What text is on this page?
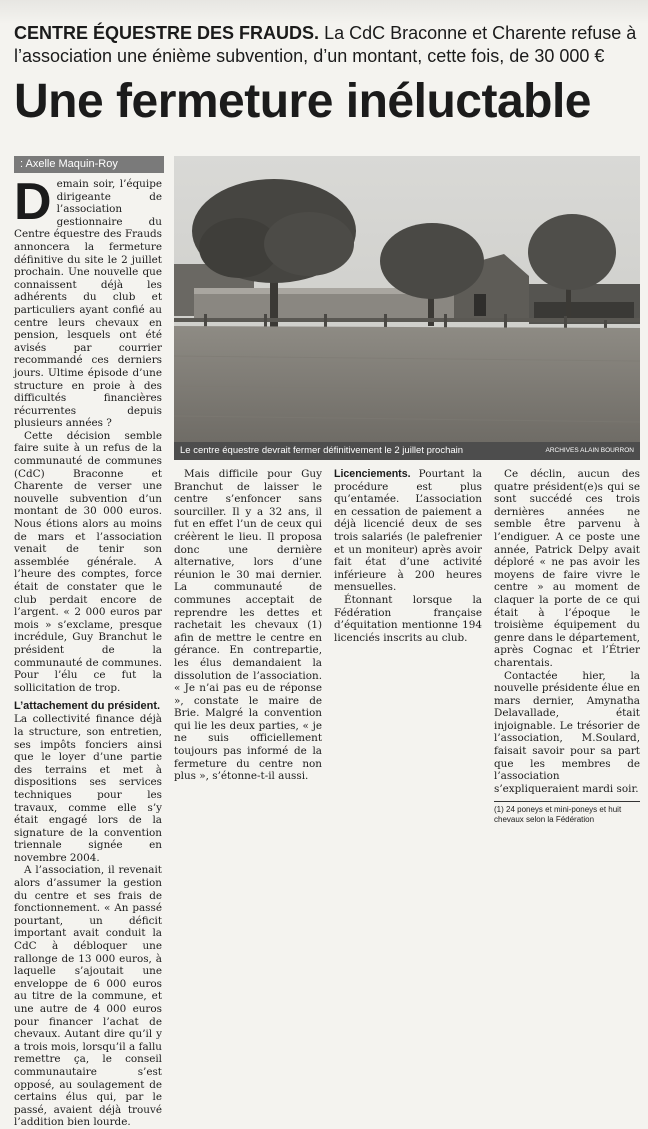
CENTRE ÉQUESTRE DES FRAUDS. La CdC Braconne et Charente refuse à l’association une énième subvention, d’un montant, cette fois, de 30 000 €
Une fermeture inéluctable
: Axelle Maquin-Roy
Le centre équestre devrait fermer définitivement le 2 juillet prochain	ARCHIVES ALAIN BOURRON

Demain soir, l’équipe dirigeante de l’association gestionnaire du Centre équestre des Frauds annoncera la fermeture définitive du site le 2 juillet prochain. Une nouvelle que connaissent déjà les adhérents du club et particuliers ayant confié au centre leurs chevaux en pension, lesquels ont été avisés par courrier recommandé ces derniers jours. Ultime épisode d’une structure en proie à des difficultés financières récurrentes depuis plusieurs années ?

Cette décision semble faire suite à un refus de la communauté de communes (CdC) Braconne et Charente de verser une nouvelle subvention d’un montant de 30 000 euros. Nous étions alors au moins de mars et l’association venait de tenir son assemblée générale. A l’heure des comptes, force était de constater que le club perdait encore de l’argent. « 2 000 euros par mois » s’exclame, presque incrédule, Guy Branchut le président de la communauté de communes. Pour l’élu ce fut la sollicitation de trop.

L’attachement du président.

La collectivité finance déjà la structure, son entretien, ses impôts fonciers ainsi que le loyer d’une partie des terrains et met à dispositions ses services techniques pour les travaux, comme elle s’y était engagé lors de la signature de la convention triennale signée en novembre 2004.

A l’association, il revenait alors d’assumer la gestion du centre et ses frais de fonctionnement. « An passé pourtant, un déficit important avait conduit la CdC à débloquer une rallonge de 13 000 euros, à laquelle s’ajoutait une enveloppe de 6 000 euros au titre de la commune, et une autre de 4 000 euros pour financer l’achat de chevaux. Autant dire qu’il y a trois mois, lorsqu’il a fallu remettre ça, le conseil communautaire s’est opposé, au soulagement de certains élus qui, par le passé, avaient déjà trouvé l’addition bien lourde.

Mais difficile pour Guy Branchut de laisser le centre s’enfoncer sans sourciller. Il y a 32 ans, il fut en effet l’un de ceux qui créèrent le lieu. Il proposa donc une dernière alternative, lors d’une réunion le 30 mai dernier. La communauté de communes acceptait de reprendre les dettes et rachetait les chevaux (1) afin de mettre le centre en gérance. En contrepartie, les élus demandaient la dissolution de l’association. « Je n’ai pas eu de réponse », constate le maire de Brie. Malgré la convention qui lie les deux parties, « je ne suis officiellement toujours pas informé de la fermeture du centre non plus », s’étonne-t-il aussi.

Licenciements. Pourtant la procédure est plus qu’entamée. L’association en cessation de paiement a déjà licencié deux de ses trois salariés (le palefrenier et un moniteur) après avoir fait état d’une activité inférieure à 200 heures mensuelles.

Étonnant lorsque la Fédération française d’équitation mentionne 194 licenciés inscrits au club.

Ce déclin, aucun des quatre président(e)s qui se sont succédé ces trois dernières années ne semble être parvenu à l’endiguer. A ce poste une année, Patrick Delpy avait déploré « ne pas avoir les moyens de faire vivre le centre » au moment de claquer la porte de ce qui était à l’époque le troisième équipement du genre dans le département, après Cognac et l’Étrier charentais.

Contactée hier, la nouvelle présidente élue en mars dernier, Amynatha Delavallade, était injoignable. Le trésorier de l’association, M.Soulard, faisait savoir pour sa part que les membres de l’association s’expliqueraient mardi soir.

(1) 24 poneys et mini-poneys et huit chevaux selon la Fédération
